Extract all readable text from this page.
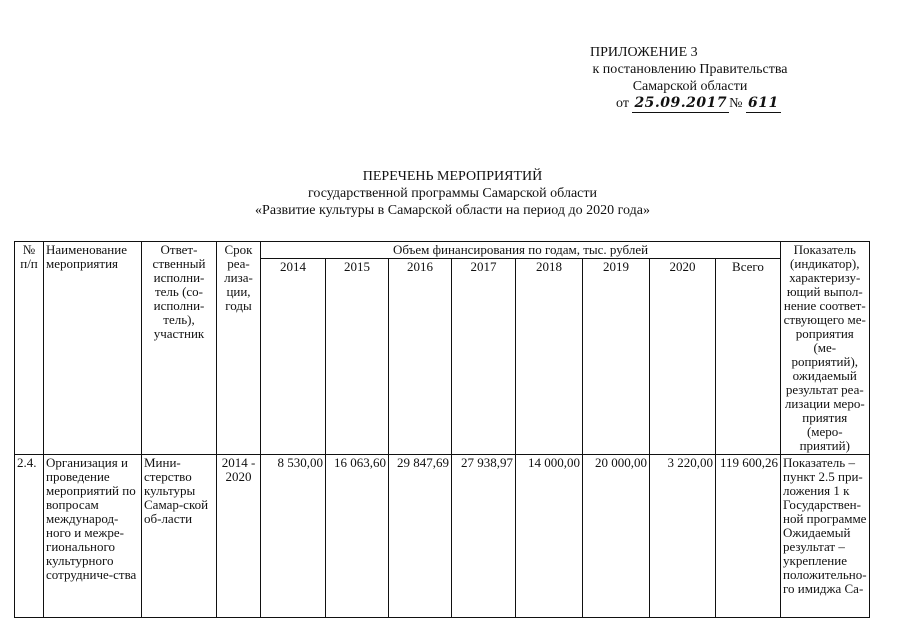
ПРИЛОЖЕНИЕ 3
к постановлению Правительства
Самарской области
от 25.09.2017 № 611
ПЕРЕЧЕНЬ МЕРОПРИЯТИЙ
государственной программы Самарской области
«Развитие культуры в Самарской области на период до 2020 года»
№ п/п	Наименование мероприятия	Ответ-ственный исполни-тель (со-исполни-тель), участник	Срок реа-лиза-ции, годы	Объем финансирования по годам, тыс. рублей								Показатель (индикатор), характеризу-ющий выпол-нение соответ-ствующего ме-роприятия (ме-роприятий), ожидаемый результат реа-лизации меро-приятия (меро-приятий)
				2014	2015	2016	2017	2018	2019	2020	Всего	
2.4.	Организация и проведение мероприятий по вопросам международ-ного и межре-гионального культурного сотрудниче-ства	Мини-стерство культуры Самар-ской об-ласти	2014 - 2020	8 530,00	16 063,60	29 847,69	27 938,97	14 000,00	20 000,00	3 220,00	119 600,26	Показатель – пункт 2.5 при-ложения 1 к Государствен-ной программе Ожидаемый результат – укрепление положительно-го имиджа Са-
